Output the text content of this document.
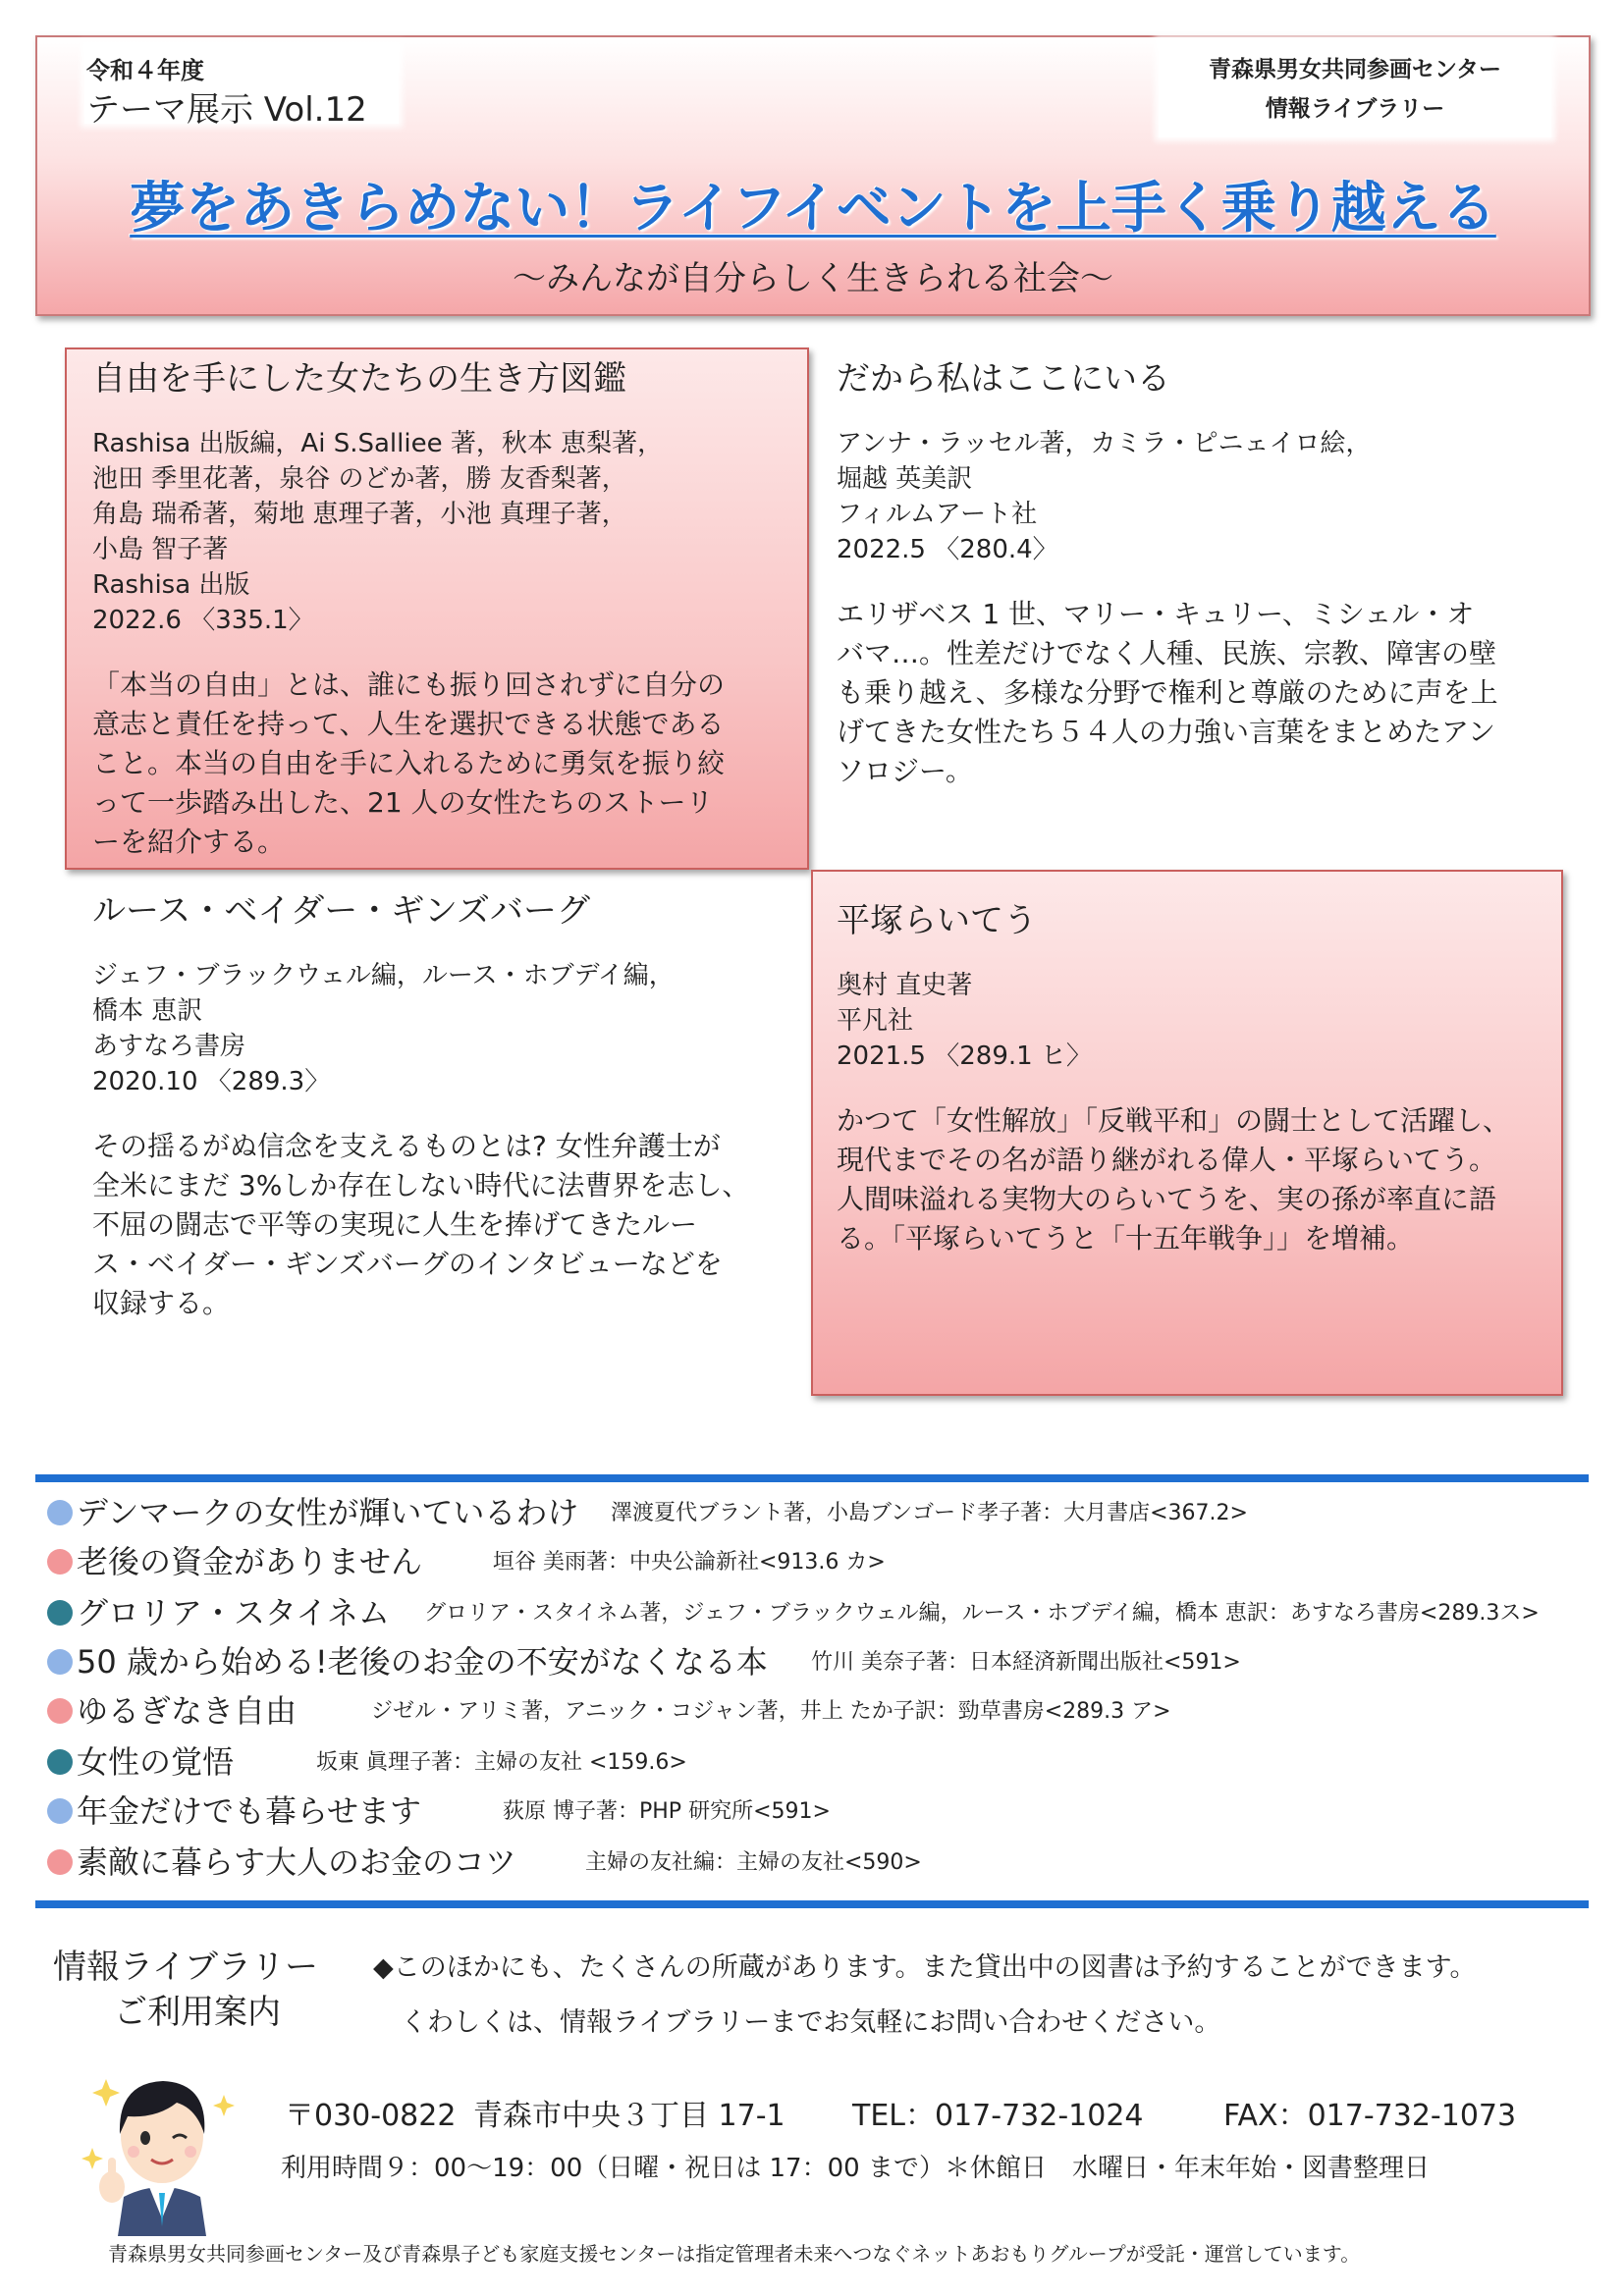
令和４年度
テーマ展示 Vol.12
青森県男女共同参画センター
情報ライブラリー
夢をあきらめない！ライフイベントを上手く乗り越える
〜みんなが自分らしく生きられる社会〜
自由を手にした女たちの生き方図鑑
Rashisa 出版編，Ai S.Salliee 著，秋本 恵梨著，
池田 季里花著，泉谷 のどか著，勝 友香梨著，
角島 瑞希著，菊地 恵理子著，小池 真理子著，
小島 智子著
Rashisa 出版
2022.6 〈335.1〉
「本当の自由」とは、誰にも振り回されずに自分の
意志と責任を持って、人生を選択できる状態である
こと。本当の自由を手に入れるために勇気を振り絞
って一歩踏み出した、21 人の女性たちのストーリ
ーを紹介する。
だから私はここにいる
アンナ・ラッセル著，カミラ・ピニェイロ絵，
堀越 英美訳
フィルムアート社
2022.5 〈280.4〉
エリザベス 1 世、マリー・キュリー、ミシェル・オ
バマ…。性差だけでなく人種、民族、宗教、障害の壁
も乗り越え、多様な分野で権利と尊厳のために声を上
げてきた女性たち５４人の力強い言葉をまとめたアン
ソロジー。
ルース・ベイダー・ギンズバーグ
ジェフ・ブラックウェル編，ルース・ホブデイ編，
橋本 恵訳
あすなろ書房
2020.10 〈289.3〉
その揺るがぬ信念を支えるものとは? 女性弁護士が
全米にまだ 3%しか存在しない時代に法曹界を志し、
不屈の闘志で平等の実現に人生を捧げてきたルー
ス・ベイダー・ギンズバーグのインタビューなどを
収録する。
平塚らいてう
奥村 直史著
平凡社
2021.5 〈289.1 ヒ〉
かつて「女性解放」「反戦平和」の闘士として活躍し、
現代までその名が語り継がれる偉人・平塚らいてう。
人間味溢れる実物大のらいてうを、実の孫が率直に語
る。「平塚らいてうと「十五年戦争」」を増補。
デンマークの女性が輝いているわけ 澤渡夏代ブラント著，小島ブンゴード孝子著：大月書店<367.2>
老後の資金がありません	垣谷 美雨著：中央公論新社<913.6 カ>
グロリア・スタイネム グロリア・スタイネム著，ジェフ・ブラックウェル編，ルース・ホブデイ編，橋本 恵訳：あすなろ書房<289.3ス>
50 歳から始める!老後のお金の不安がなくなる本 竹川 美奈子著：日本経済新聞出版社<591>
ゆるぎなき自由	ジゼル・アリミ著，アニック・コジャン著，井上 たか子訳：勁草書房<289.3 ア>
女性の覚悟	坂東 眞理子著：主婦の友社 <159.6>
年金だけでも暮らせます	荻原 博子著：PHP 研究所<591>
素敵に暮らす大人のお金のコツ	主婦の友社編：主婦の友社<590>
情報ライブラリー
ご利用案内
◆このほかにも、たくさんの所蔵があります。また貸出中の図書は予約することができます。
くわしくは、情報ライブラリーまでお気軽にお問い合わせください。
〒030-0822 青森市中央３丁目 17-1 TEL：017-732-1024	FAX：017-732-1073
利用時間９：00〜19：00（日曜・祝日は 17：00 まで）＊休館日　水曜日・年末年始・図書整理日
青森県男女共同参画センター及び青森県子ども家庭支援センターは指定管理者未来へつなぐネットあおもりグループが受託・運営しています。
